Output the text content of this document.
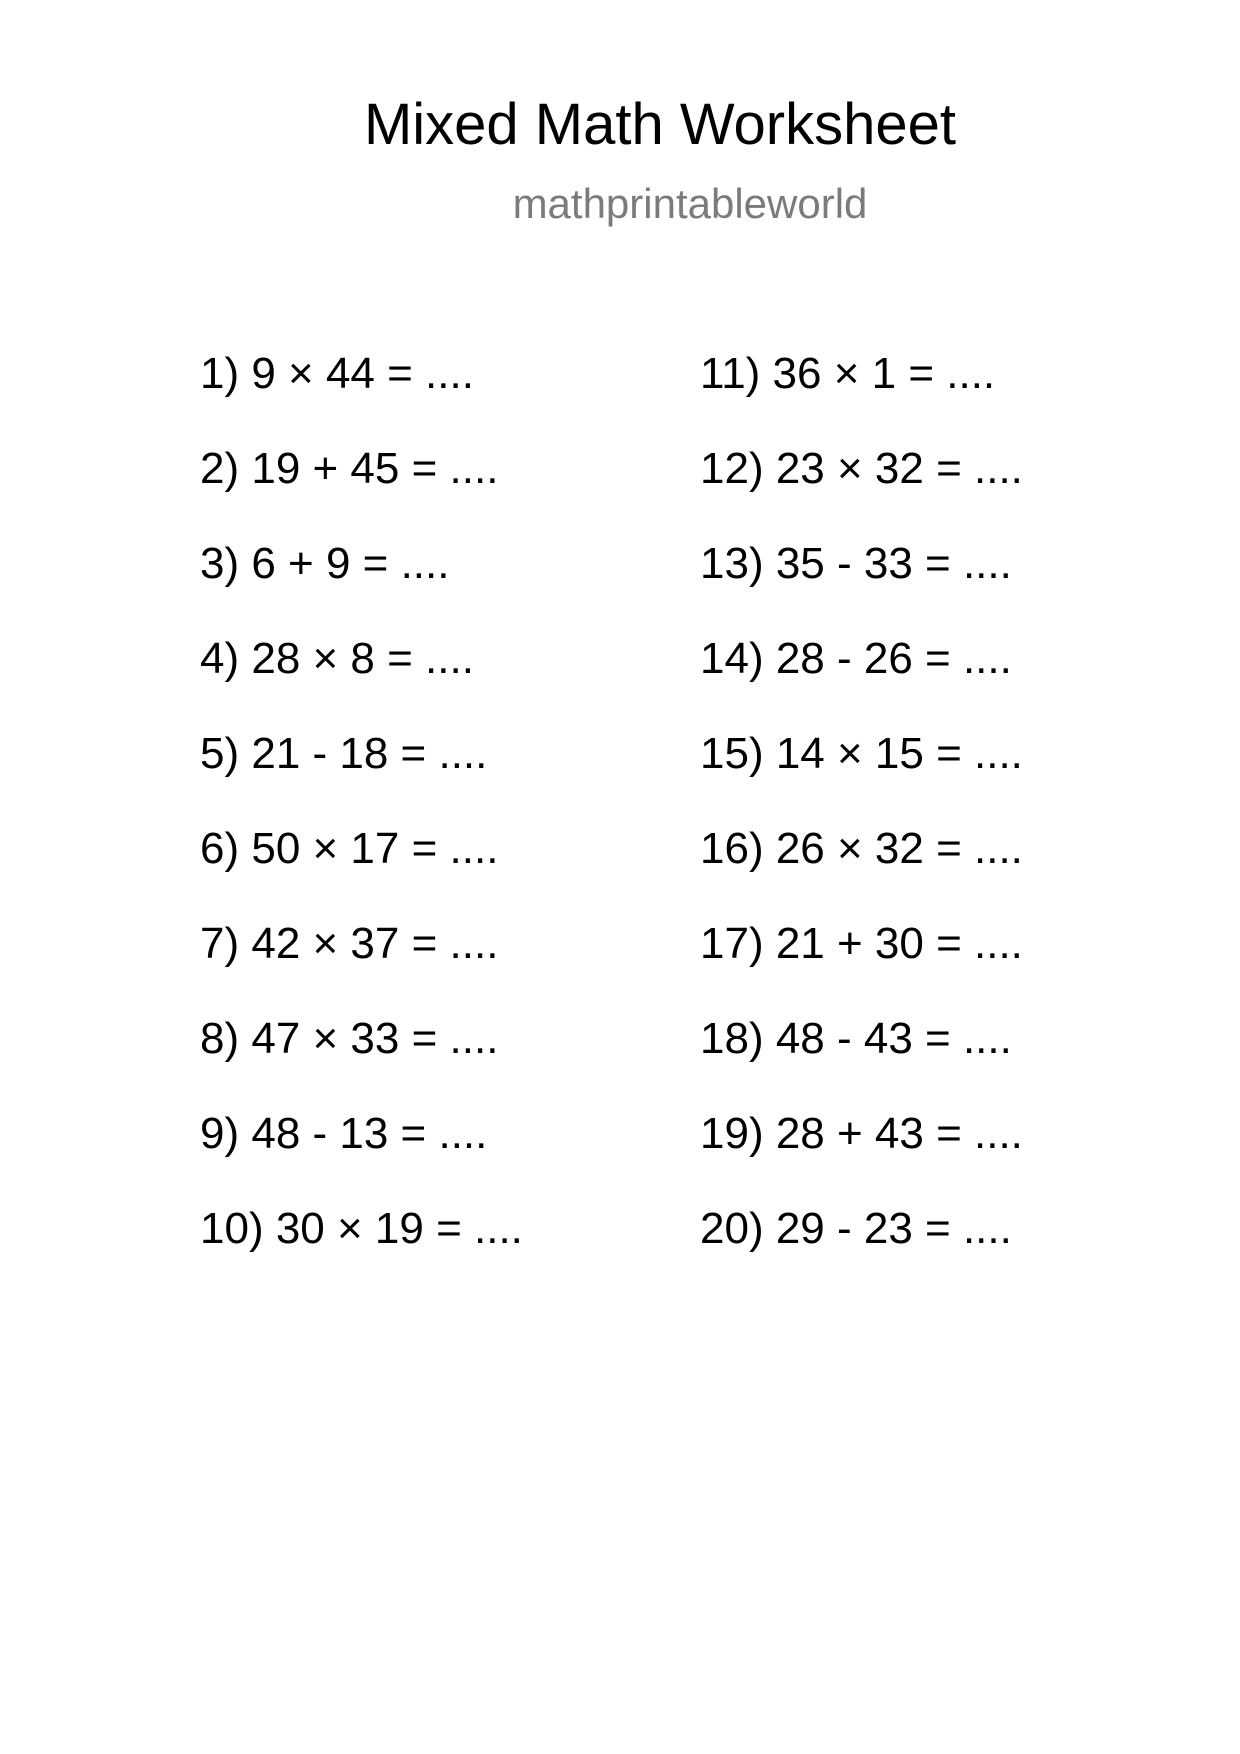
Mixed Math Worksheet
mathprintableworld
1) 9 × 44 = ....
2) 19 + 45 = ....
3) 6 + 9 = ....
4) 28 × 8 = ....
5) 21 - 18 = ....
6) 50 × 17 = ....
7) 42 × 37 = ....
8) 47 × 33 = ....
9) 48 - 13 = ....
10) 30 × 19 = ....
11) 36 × 1 = ....
12) 23 × 32 = ....
13) 35 - 33 = ....
14) 28 - 26 = ....
15) 14 × 15 = ....
16) 26 × 32 = ....
17) 21 + 30 = ....
18) 48 - 43 = ....
19) 28 + 43 = ....
20) 29 - 23 = ....
